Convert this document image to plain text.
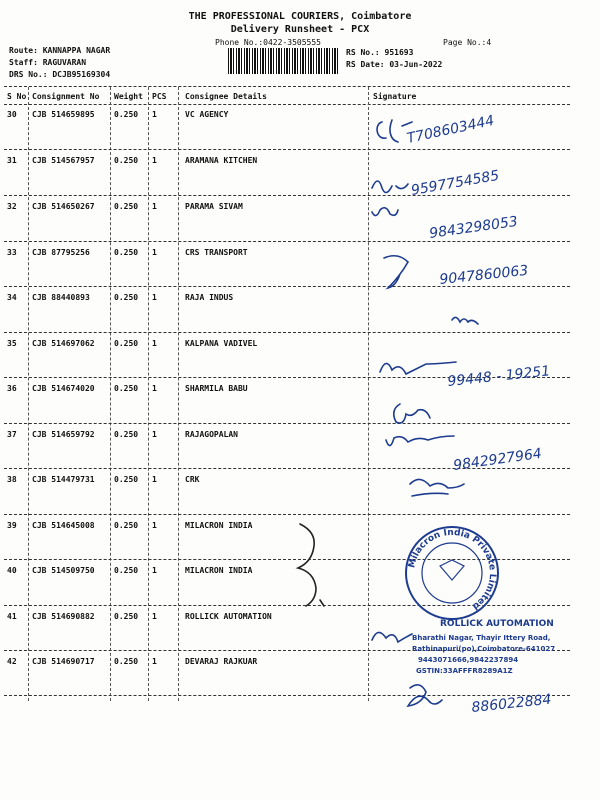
THE PROFESSIONAL COURIERS, Coimbatore
Delivery Runsheet - PCX
Phone No.:0422-3505555	Page No.:4
Route: KANNAPPA NAGAR
Staff: RAGUVARAN
DRS No.: DCJB95169304
RS No.: 951693
RS Date: 03-Jun-2022
S No Consignment No Weight PCS Consignee Details	Signature
30 CJB 514659895 0.250 1	VC AGENCY
31 CJB 514567957 0.250 1	ARAMANA KITCHEN
32 CJB 514650267 0.250 1	PARAMA SIVAM
33 CJB 87795256	0.250 1	CRS TRANSPORT
34 CJB 88440893	0.250 1	RAJA INDUS
35 CJB 514697062 0.250 1	KALPANA VADIVEL
36 CJB 514674020 0.250 1	SHARMILA BABU
37 CJB 514659792 0.250 1	RAJAGOPALAN
38 CJB 514479731 0.250 1	CRK
39 CJB 514645008 0.250 1	MILACRON INDIA
40 CJB 514509750 0.250 1	MILACRON INDIA
41 CJB 514690882 0.250 1	ROLLICK AUTOMATION
42 CJB 514690717 0.250 1	DEVARAJ RAJKUAR
Milacron India Private Limited
T708603444
9597754585
9843298053
9047860063
99448 - 19251
9842927964
886022884
ROLLICK AUTOMATION
Bharathi Nagar, Thayir Ittery Road,
Rathinapuri(po),Coimbatore-641027
9443071666,9842237894
GSTIN:33AFFFR8289A1Z
